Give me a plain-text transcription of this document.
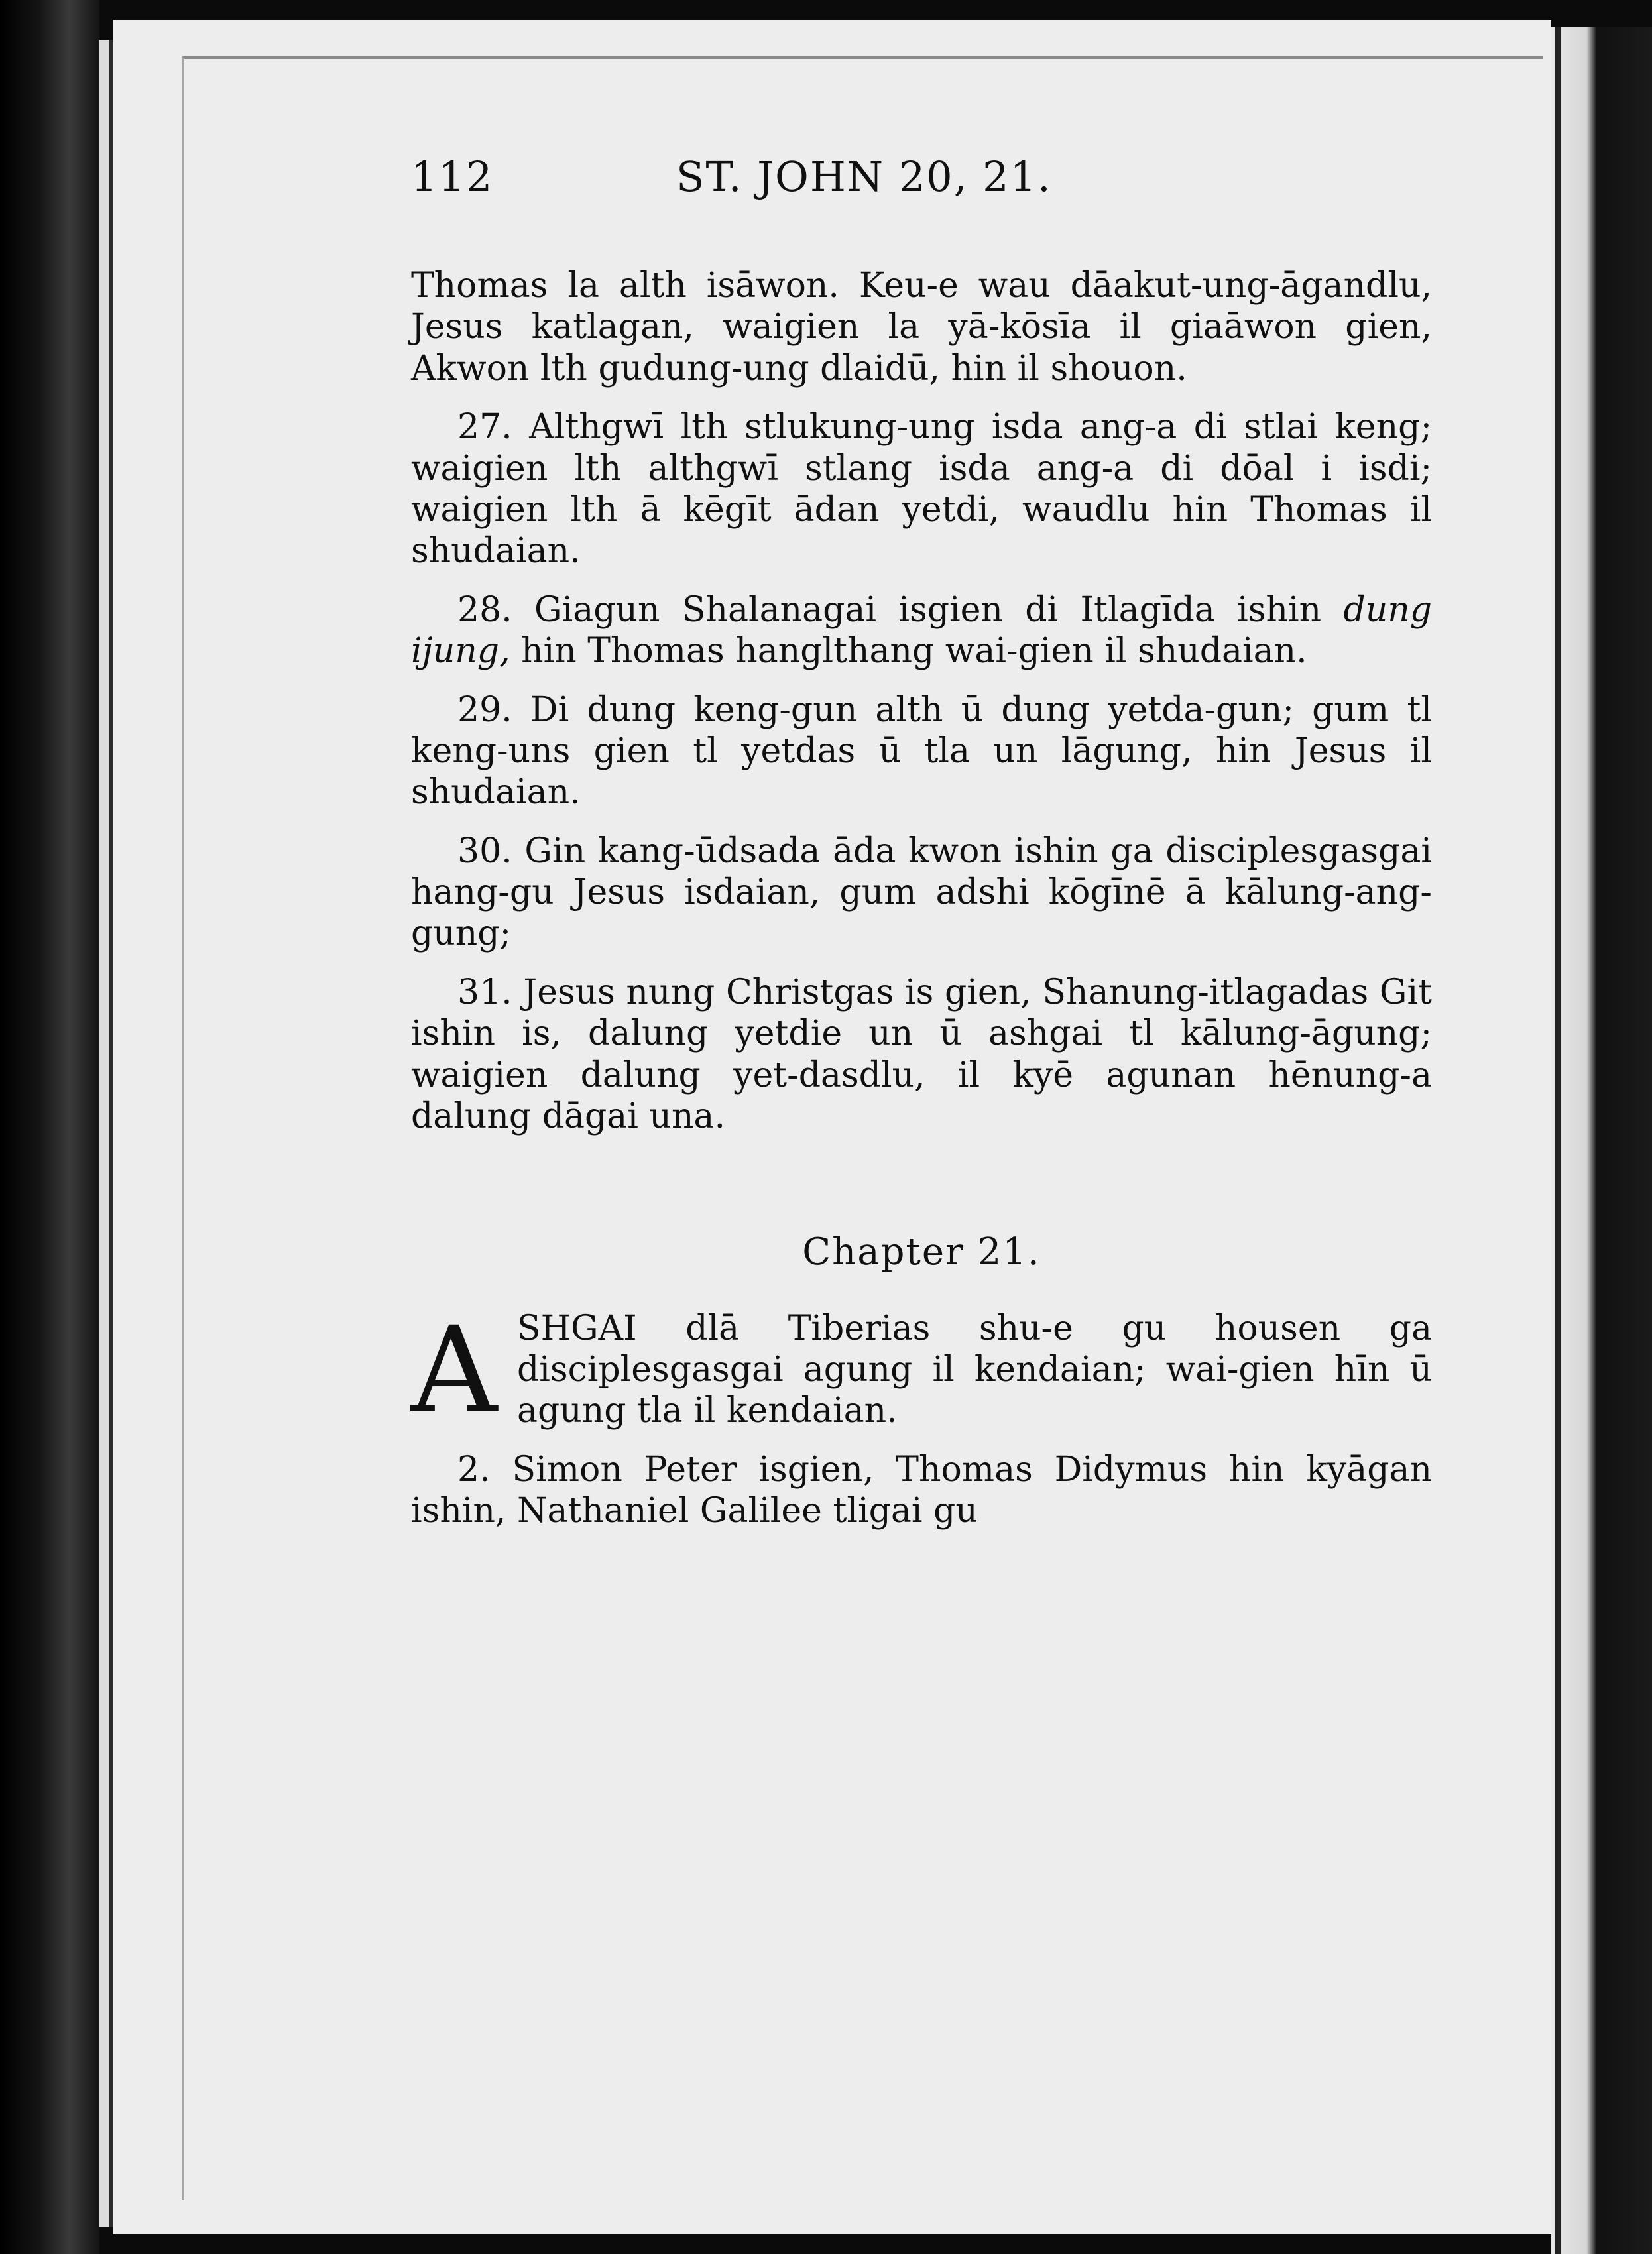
112	ST. JOHN 20, 21.

Thomas la alth isāwon. Keu-e wau dāakut-ung-āgandlu, Jesus katlagan, waigien la yā-kōsīa il giaāwon gien, Akwon lth gudung-ung dlaidū, hin il shouon.

27. Althgwī lth stlukung-ung isda ang-a di stlai keng; waigien lth althgwī stlang isda ang-a di dōal i isdi; waigien lth ā kēgīt ādan yetdi, waudlu hin Thomas il shudaian.

28. Giagun Shalanagai isgien di Itlagīda ishin dung ijung, hin Thomas hanglthang wai-gien il shudaian.

29. Di dung keng-gun alth ū dung yetda-gun; gum tl keng-uns gien tl yetdas ū tla un lāgung, hin Jesus il shudaian.

30. Gin kang-ūdsada āda kwon ishin ga disciplesgasgai hang-gu Jesus isdaian, gum adshi kōgīnē ā kālung-ang-gung;

31. Jesus nung Christgas is gien, Shanung-itlagadas Git ishin is, dalung yetdie un ū ashgai tl kālung-āgung; waigien dalung yet-dasdlu, il kyē agunan hēnung-a dalung dāgai una.

Chapter 21.

ASHGAI dlā Tiberias shu-e gu housen ga disciplesgasgai agung il kendaian; wai-gien hīn ū agung tla il kendaian.

2. Simon Peter isgien, Thomas Didymus hin kyāgan ishin, Nathaniel Galilee tligai gu
